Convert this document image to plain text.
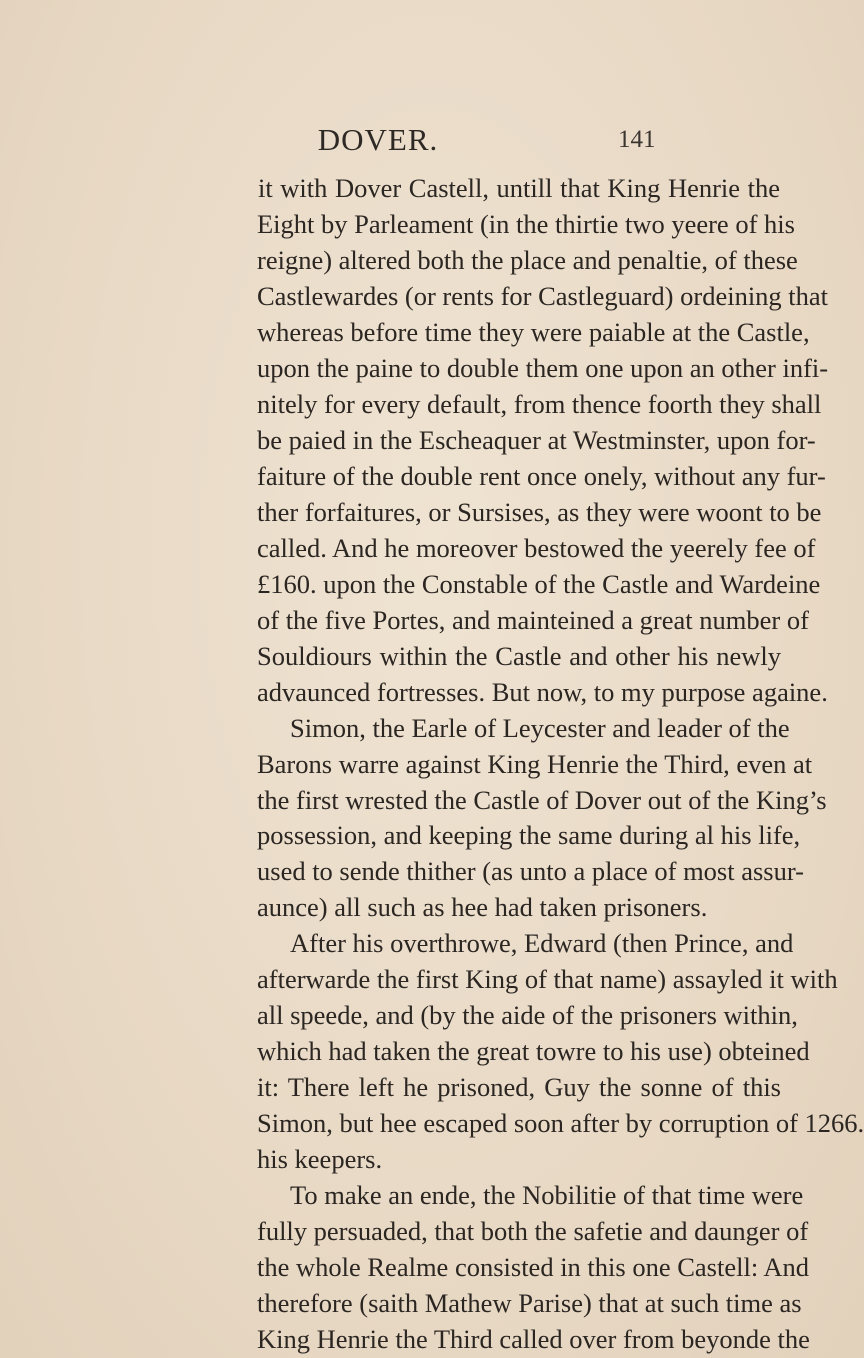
DOVER.	141
it with Dover Castell, untill that King Henrie the
Eight by Parleament (in the thirtie two yeere of his
reigne) altered both the place and penaltie, of these
Castlewardes (or rents for Castleguard) ordeining that
whereas before time they were paiable at the Castle,
upon the paine to double them one upon an other infi-
nitely for every default, from thence foorth they shall
be paied in the Escheaquer at Westminster, upon for-
faiture of the double rent once onely, without any fur-
ther forfaitures, or Sursises, as they were woont to be
called. And he moreover bestowed the yeerely fee of
£160. upon the Constable of the Castle and Wardeine
of the five Portes, and mainteined a great number of
Souldiours within the Castle and other his newly
advaunced fortresses. But now, to my purpose againe.
Simon, the Earle of Leycester and leader of the
Barons warre against King Henrie the Third, even at
the first wrested the Castle of Dover out of the King’s
possession, and keeping the same during al his life,
used to sende thither (as unto a place of most assur-
aunce) all such as hee had taken prisoners.
After his overthrowe, Edward (then Prince, and
afterwarde the first King of that name) assayled it with
all speede, and (by the aide of the prisoners within,
which had taken the great towre to his use) obteined
it: There left he prisoned, Guy the sonne of this
Simon, but hee escaped soon after by corruption of 1266.
his keepers.
To make an ende, the Nobilitie of that time were
fully persuaded, that both the safetie and daunger of
the whole Realme consisted in this one Castell: And
therefore (saith Mathew Parise) that at such time as
King Henrie the Third called over from beyonde the
